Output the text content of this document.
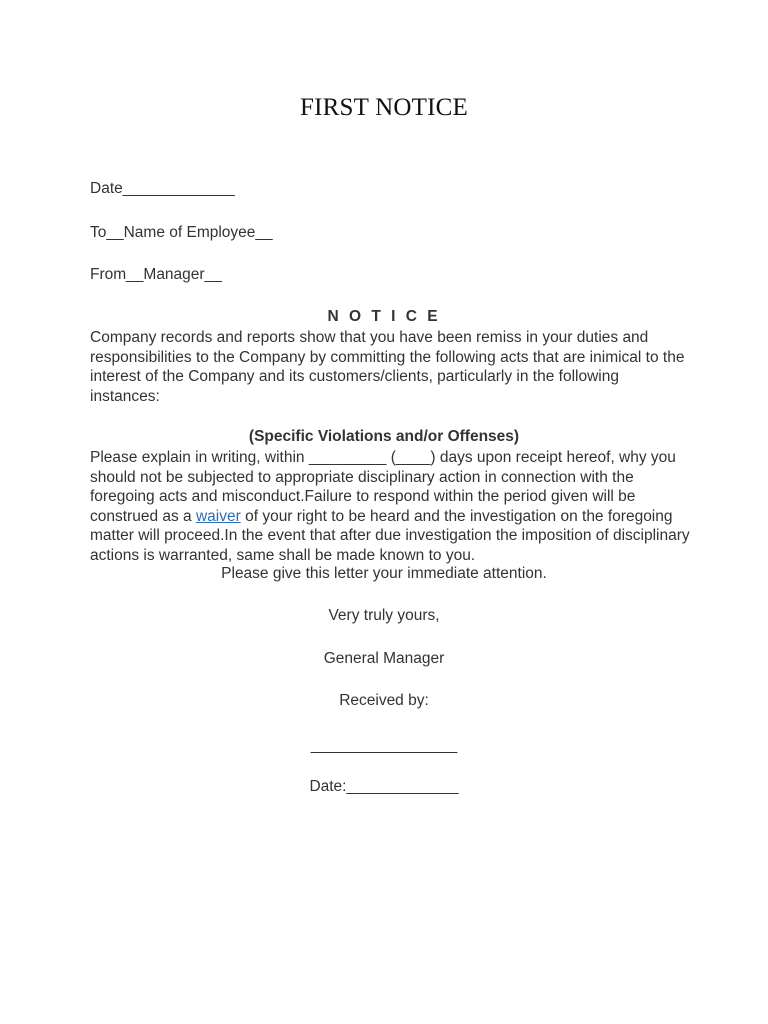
FIRST NOTICE
Date_____________
To__Name of Employee__
From__Manager__
N O T I C E

Company records and reports show that you have been remiss in your duties and responsibilities to the Company by committing the following acts that are inimical to the interest of the Company and its customers/clients, particularly in the following instances:

(Specific Violations and/or Offenses)

Please explain in writing, within _________ (____) days upon receipt hereof, why you should not be subjected to appropriate disciplinary action in connection with the foregoing acts and misconduct.Failure to respond within the period given will be construed as a waiver of your right to be heard and the investigation on the foregoing matter will proceed.In the event that after due investigation the imposition of disciplinary actions is warranted, same shall be made known to you.

Please give this letter your immediate attention.
Very truly yours,
General Manager
Received by:
_________________
Date:_____________
